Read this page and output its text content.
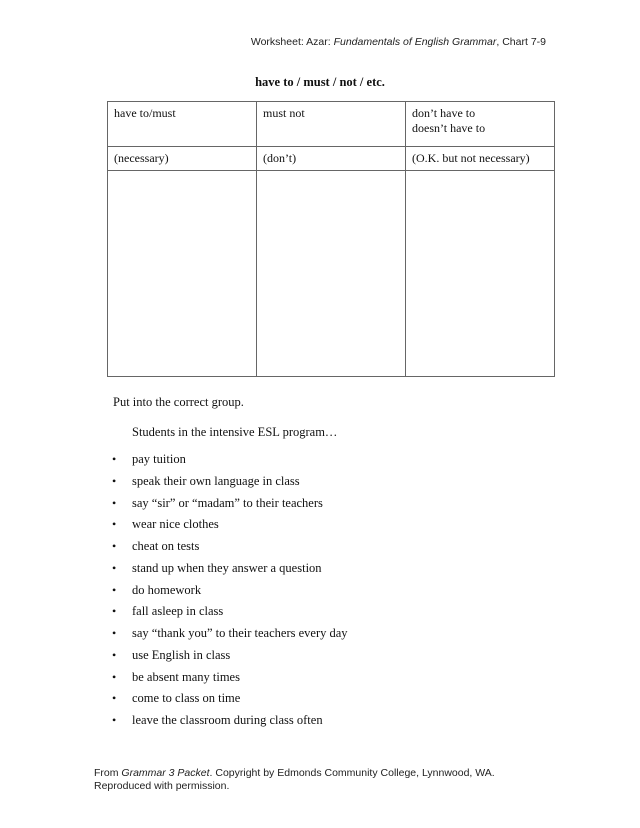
Worksheet: Azar: Fundamentals of English Grammar, Chart 7-9
have to / must / not / etc.
have to/must	must not	don’t have to
doesn’t have to

(necessary)	(don’t)	(O.K. but not necessary)

Put into the correct group.
Students in the intensive ESL program…
• pay tuition
• speak their own language in class
• say “sir” or “madam” to their teachers
• wear nice clothes
• cheat on tests
• stand up when they answer a question
• do homework
• fall asleep in class
• say “thank you” to their teachers every day
• use English in class
• be absent many times
• come to class on time
• leave the classroom during class often
From Grammar 3 Packet. Copyright by Edmonds Community College, Lynnwood, WA.
Reproduced with permission.
